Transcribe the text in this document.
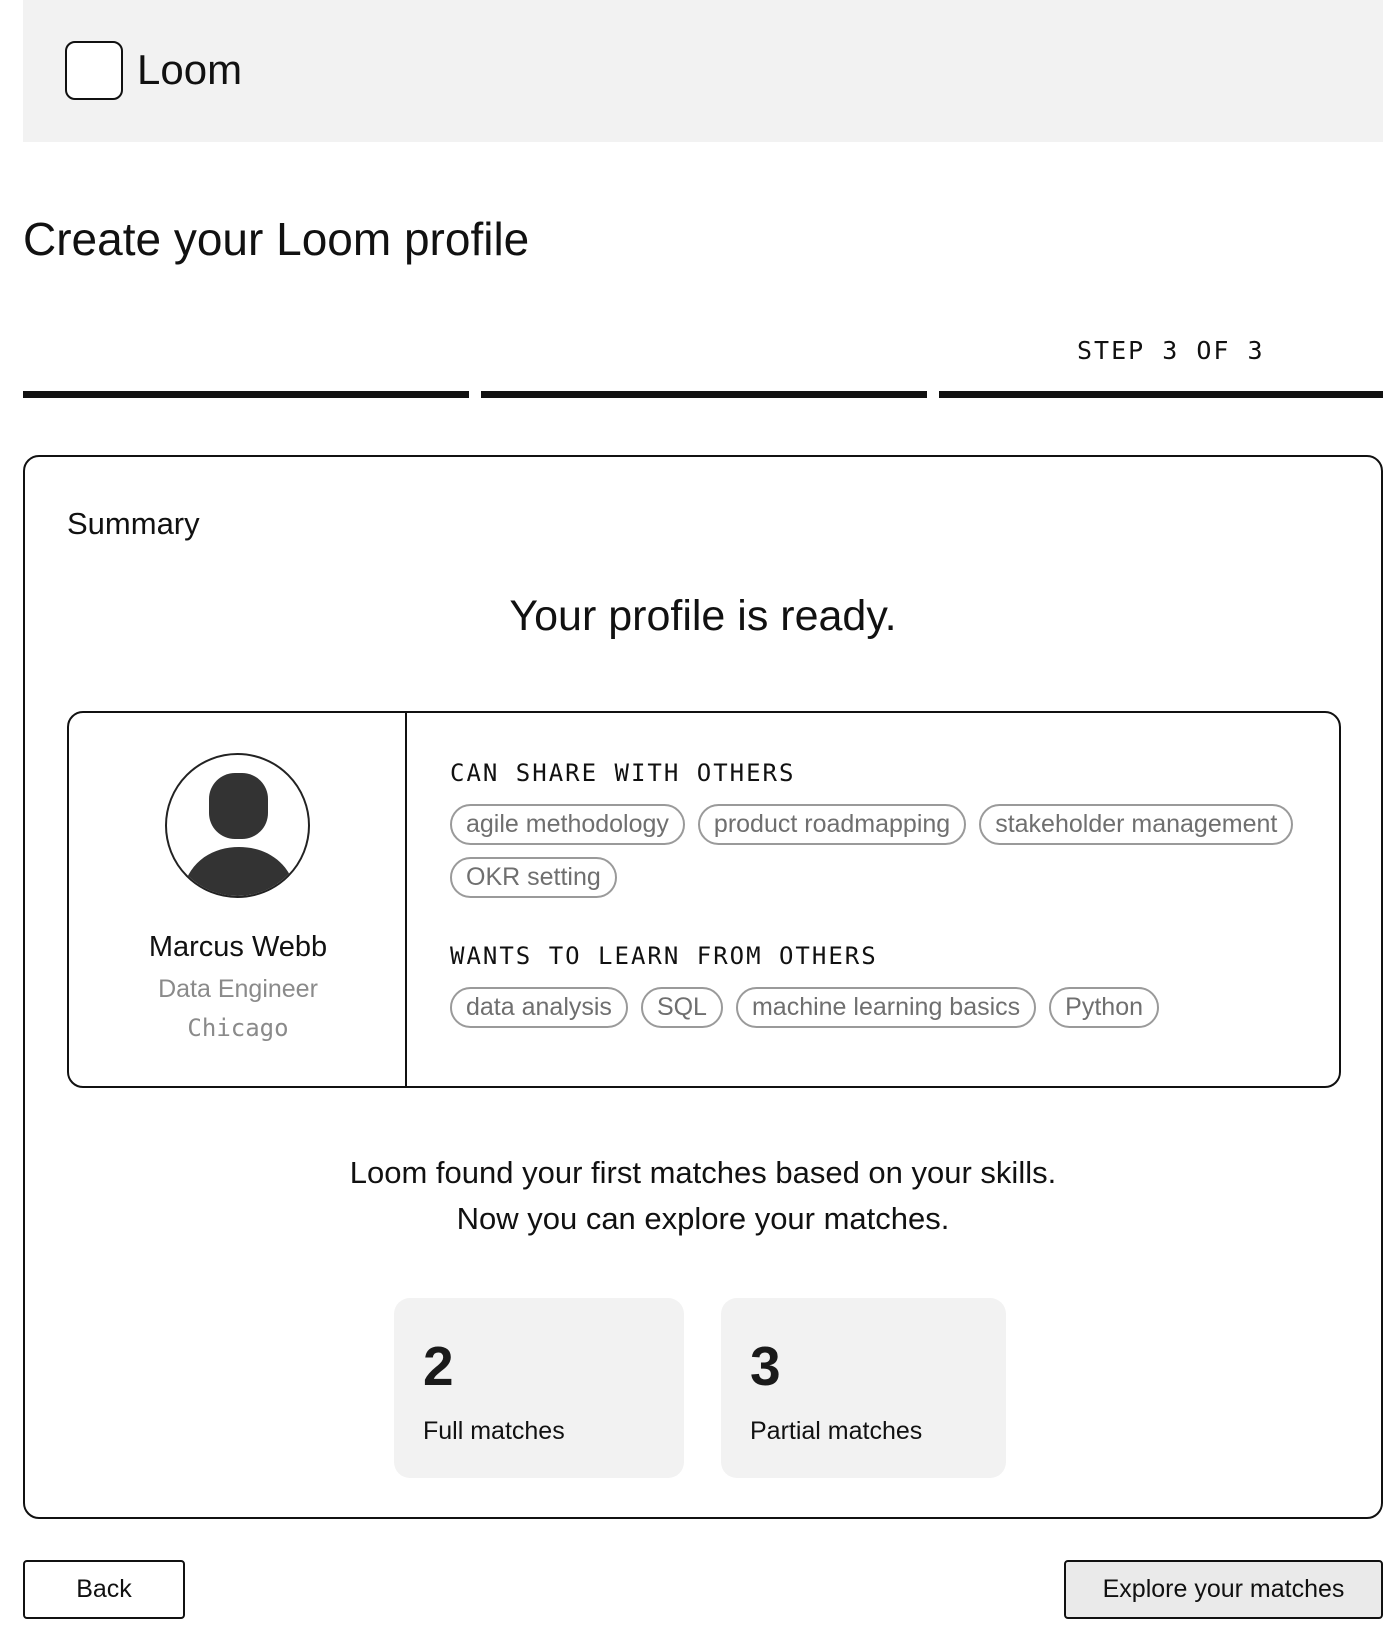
Loom
Create your Loom profile
STEP 3 OF 3
Summary
Your profile is ready.
Marcus Webb
Data Engineer
Chicago
CAN SHARE WITH OTHERS
agile methodology	product roadmapping	stakeholder management
OKR setting
WANTS TO LEARN FROM OTHERS
data analysis	SQL	machine learning basics	Python
Loom found your first matches based on your skills.
Now you can explore your matches.
2
Full matches
3
Partial matches
Back	Explore your matches
